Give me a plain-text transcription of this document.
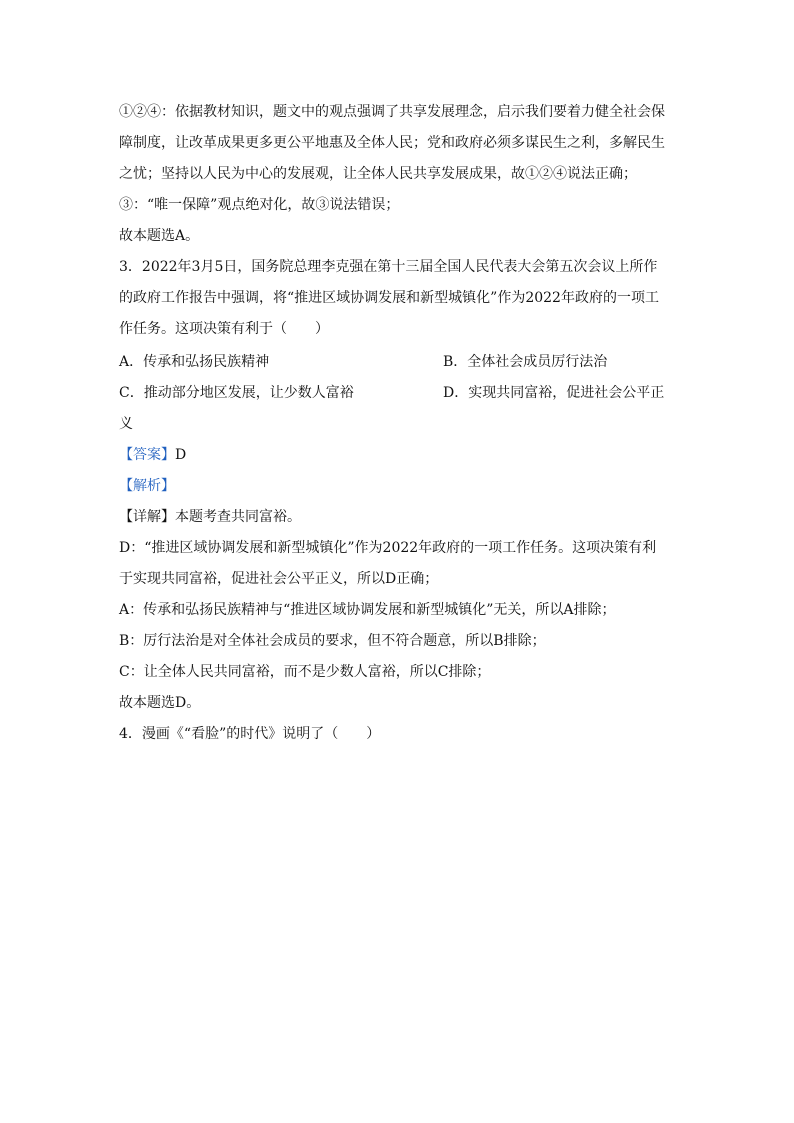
①②④：依据教材知识，题文中的观点强调了共享发展理念，启示我们要着力健全社会保
障制度，让改革成果更多更公平地惠及全体人民；党和政府必须多谋民生之利，多解民生
之忧；坚持以人民为中心的发展观，让全体人民共享发展成果，故①②④说法正确；
③：“唯一保障”观点绝对化，故③说法错误；
故本题选A。
3．2022年3月5日，国务院总理李克强在第十三届全国人民代表大会第五次会议上所作
的政府工作报告中强调，将“推进区域协调发展和新型城镇化”作为2022年政府的一项工
作任务。这项决策有利于（　　）
A．传承和弘扬民族精神	B．全体社会成员厉行法治
C．推动部分地区发展，让少数人富裕	D．实现共同富裕，促进社会公平正
义
【答案】D
【解析】
【详解】本题考查共同富裕。
D：“推进区域协调发展和新型城镇化”作为2022年政府的一项工作任务。这项决策有利
于实现共同富裕，促进社会公平正义，所以D正确；
A：传承和弘扬民族精神与“推进区域协调发展和新型城镇化”无关，所以A排除；
B：厉行法治是对全体社会成员的要求，但不符合题意，所以B排除；
C：让全体人民共同富裕，而不是少数人富裕，所以C排除；
故本题选D。
4．漫画《“看脸”的时代》说明了（　　）
